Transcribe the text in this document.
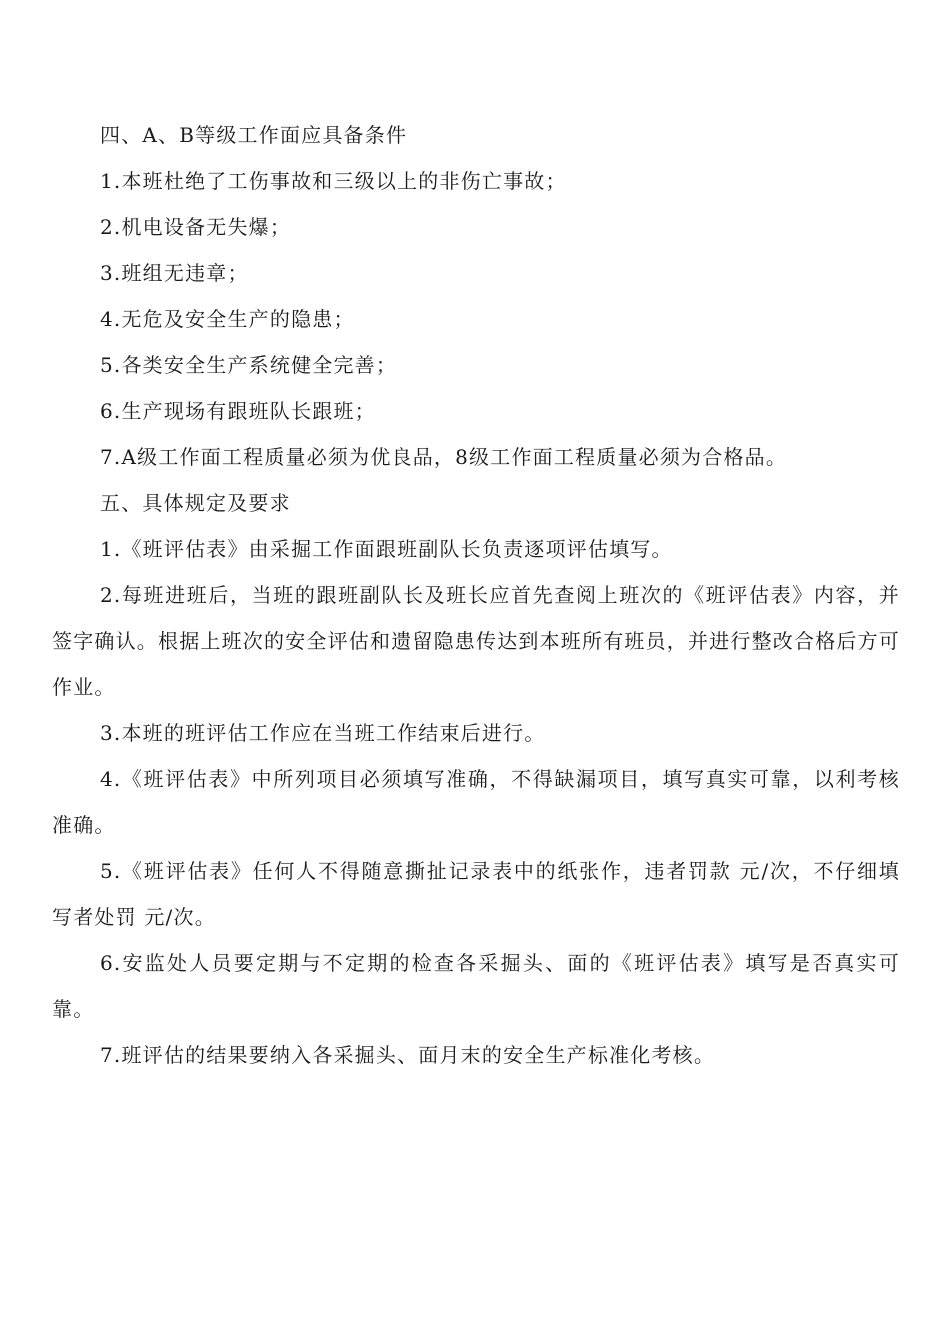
四、A、B等级工作面应具备条件

1.本班杜绝了工伤事故和三级以上的非伤亡事故；

2.机电设备无失爆；

3.班组无违章；

4.无危及安全生产的隐患；

5.各类安全生产系统健全完善；

6.生产现场有跟班队长跟班；

7.A级工作面工程质量必须为优良品，8级工作面工程质量必须为合格品。

五、具体规定及要求

1.《班评估表》由采掘工作面跟班副队长负责逐项评估填写。

2.每班进班后，当班的跟班副队长及班长应首先查阅上班次的《班评估表》内容，并签字确认。根据上班次的安全评估和遗留隐患传达到本班所有班员，并进行整改合格后方可作业。

3.本班的班评估工作应在当班工作结束后进行。

4.《班评估表》中所列项目必须填写准确，不得缺漏项目，填写真实可靠，以利考核准确。

5.《班评估表》任何人不得随意撕扯记录表中的纸张作，违者罚款 元/次，不仔细填写者处罚 元/次。

6.安监处人员要定期与不定期的检查各采掘头、面的《班评估表》填写是否真实可靠。

7.班评估的结果要纳入各采掘头、面月末的安全生产标准化考核。
